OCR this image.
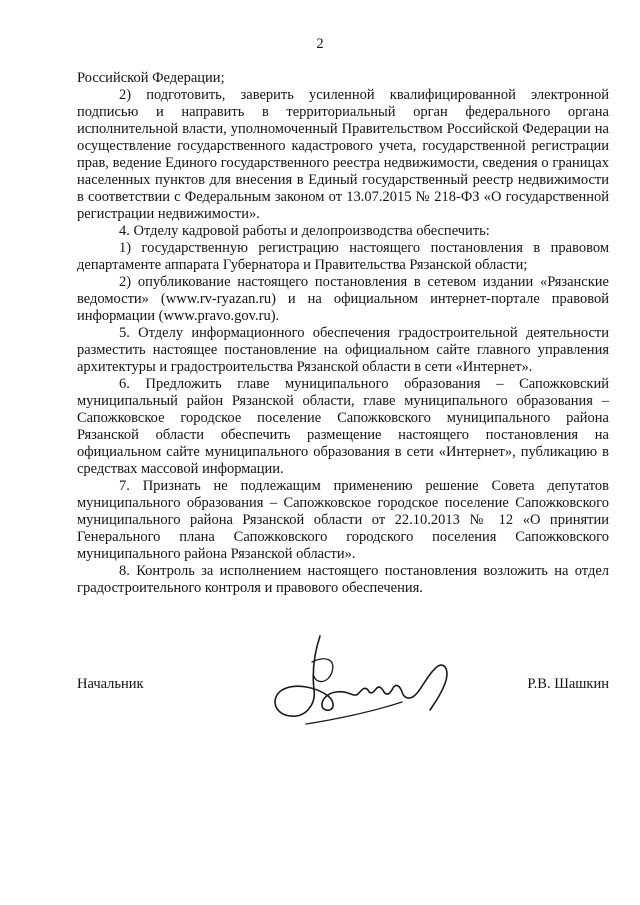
2

Российской Федерации;

2) подготовить, заверить усиленной квалифицированной электронной подписью и направить в территориальный орган федерального органа исполнительной власти, уполномоченный Правительством Российской Федерации на осуществление государственного кадастрового учета, государственной регистрации прав, ведение Единого государственного реестра недвижимости, сведения о границах населенных пунктов для внесения в Единый государственный реестр недвижимости в соответствии с Федеральным законом от 13.07.2015 № 218-ФЗ «О государственной регистрации недвижимости».

4. Отделу кадровой работы и делопроизводства обеспечить:

1) государственную регистрацию настоящего постановления в правовом департаменте аппарата Губернатора и Правительства Рязанской области;

2) опубликование настоящего постановления в сетевом издании «Рязанские ведомости» (www.rv-ryazan.ru) и на официальном интернет-портале правовой информации (www.pravo.gov.ru).

5. Отделу информационного обеспечения градостроительной деятельности разместить настоящее постановление на официальном сайте главного управления архитектуры и градостроительства Рязанской области в сети «Интернет».

6. Предложить главе муниципального образования – Сапожковский муниципальный район Рязанской области, главе муниципального образования – Сапожковское городское поселение Сапожковского муниципального района Рязанской области обеспечить размещение настоящего постановления на официальном сайте муниципального образования в сети «Интернет», публикацию в средствах массовой информации.

7. Признать не подлежащим применению решение Совета депутатов муниципального образования – Сапожковское городское поселение Сапожковского муниципального района Рязанской области от 22.10.2013 № 12 «О принятии Генерального плана Сапожковского городского поселения Сапожковского муниципального района Рязанской области».

8. Контроль за исполнением настоящего постановления возложить на отдел градостроительного контроля и правового обеспечения.

Начальник	Р.В. Шашкин
